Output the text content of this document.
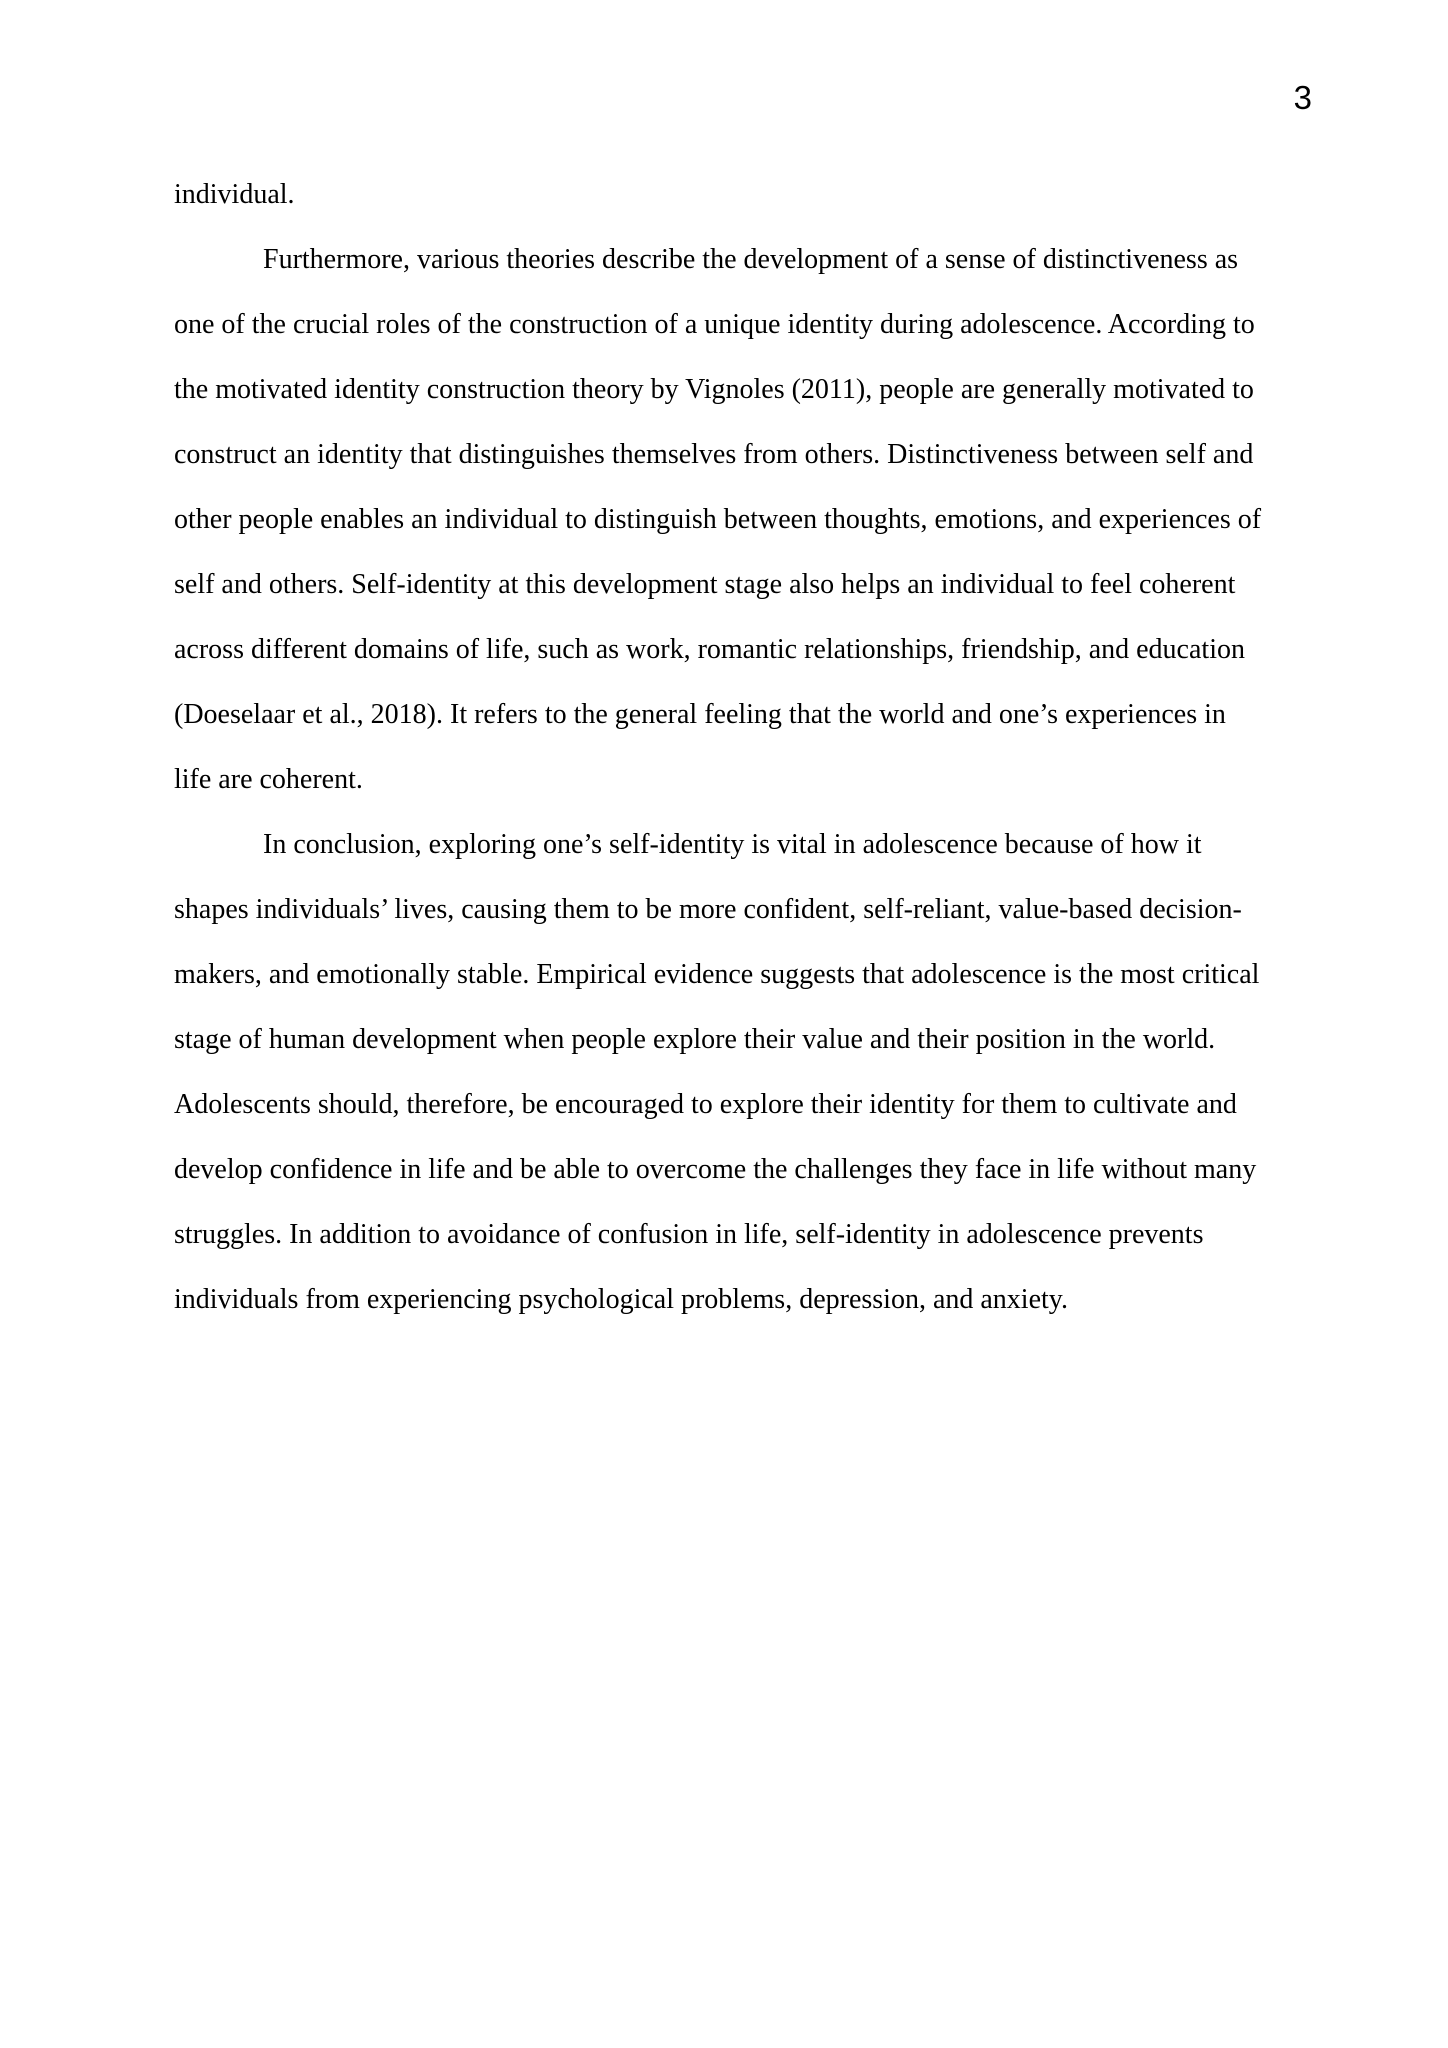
3
individual.
Furthermore, various theories describe the development of a sense of distinctiveness as
one of the crucial roles of the construction of a unique identity during adolescence. According to
the motivated identity construction theory by Vignoles (2011), people are generally motivated to
construct an identity that distinguishes themselves from others. Distinctiveness between self and
other people enables an individual to distinguish between thoughts, emotions, and experiences of
self and others. Self-identity at this development stage also helps an individual to feel coherent
across different domains of life, such as work, romantic relationships, friendship, and education
(Doeselaar et al., 2018). It refers to the general feeling that the world and one’s experiences in
life are coherent.
In conclusion, exploring one’s self-identity is vital in adolescence because of how it
shapes individuals’ lives, causing them to be more confident, self-reliant, value-based decision-
makers, and emotionally stable. Empirical evidence suggests that adolescence is the most critical
stage of human development when people explore their value and their position in the world.
Adolescents should, therefore, be encouraged to explore their identity for them to cultivate and
develop confidence in life and be able to overcome the challenges they face in life without many
struggles. In addition to avoidance of confusion in life, self-identity in adolescence prevents
individuals from experiencing psychological problems, depression, and anxiety.
